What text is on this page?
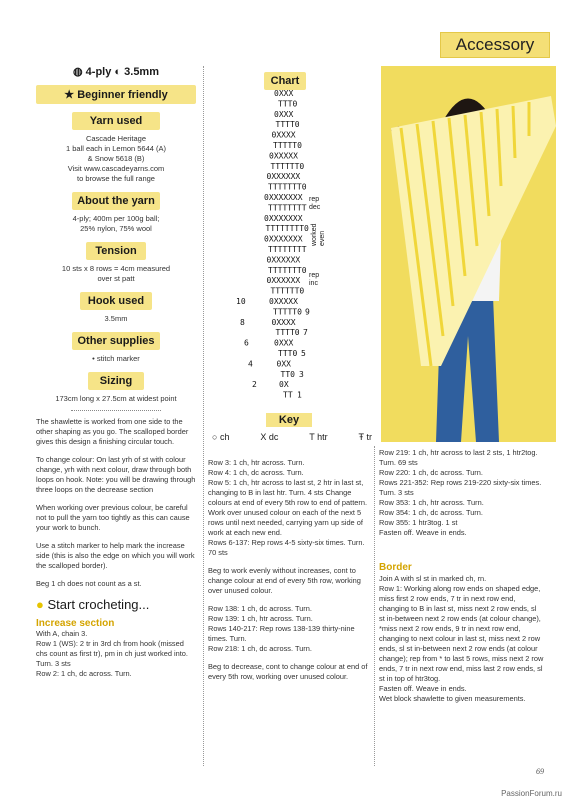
Accessory
◍ 4-ply ◐ 3.5mm
★ Beginner friendly
Yarn used
Cascade Heritage
1 ball each in Lemon 5644 (A)
& Snow 5618 (B)
Visit www.cascadeyarns.com
to browse the full range
About the yarn
4-ply; 400m per 100g ball;
25% nylon, 75% wool
Tension
10 sts x 8 rows = 4cm measured
over st patt
Hook used
3.5mm
Other supplies
• stitch marker
Sizing
173cm long x 27.5cm at widest point

The shawlette is worked from one side to the other shaping as you go. The scalloped border gives this design a finishing circular touch.

To change colour: On last yrh of st with colour change, yrh with next colour, draw through both loops on hook. Note: you will be drawing through three loops on the decrease section

When working over previous colour, be careful not to pull the yarn too tightly as this can cause your work to bunch.

Use a stitch marker to help mark the increase side (this is also the edge on which you will work the scalloped border).

Beg 1 ch does not count as a st.

● Start crocheting...
Increase section
With A, chain 3.
Row 1 (WS): 2 tr in 3rd ch from hook (missed chs count as first tr), pm in ch just worked into. Turn. 3 sts
Row 2: 1 ch, dc across. Turn.
Chart
0XXX
TTT0
0XXX
TTTT0
0XXXX
TTTTT0
0XXXXX
TTTTTT0
0XXXXXX
TTTTTTT0
0XXXXXXX
TTTTTTTT
0XXXXXXX
TTTTTTTT0
0XXXXXXX
TTTTTTTT
0XXXXXX
TTTTTTT0
0XXXXXX
TTTTTT0
0XXXXX
TTTTT0
0XXXX
TTTT0
0XXX
TTT0
0XX
TT0
0X
TT
10
9
8
7
6
5
4
3
2
1
rep
dec
worked
even
rep
inc
Key
○ ch	X dc	T htr	Ŧ tr

Row 3: 1 ch, htr across. Turn.

Row 4: 1 ch, dc across. Turn.

Row 5: 1 ch, htr across to last st, 2 htr in last st, changing to B in last htr. Turn. 4 sts Change colours at end of every 5th row to end of pattern. Work over unused colour on each of the next 5 rows until next needed, carrying yarn up side of work at each new end.

Rows 6-137: Rep rows 4-5 sixty-six times. Turn. 70 sts

Beg to work evenly without increases, cont to change colour at end of every 5th row, working over unused colour.

Row 138: 1 ch, dc across. Turn.
Row 139: 1 ch, htr across. Turn.
Rows 140-217: Rep rows 138-139 thirty-nine times. Turn.
Row 218: 1 ch, dc across. Turn.

Beg to decrease, cont to change colour at end of every 5th row, working over unused colour.

Row 219: 1 ch, htr across to last 2 sts, 1 htr2tog. Turn. 69 sts
Row 220: 1 ch, dc across. Turn.
Rows 221-352: Rep rows 219-220 sixty-six times. Turn. 3 sts
Row 353: 1 ch, htr across. Turn.
Row 354: 1 ch, dc across. Turn.
Row 355: 1 htr3tog. 1 st
Fasten off. Weave in ends.
Border
Join A with sl st in marked ch, rn.
Row 1: Working along row ends on shaped edge, miss first 2 row ends, 7 tr in next row end, changing to B in last st, miss next 2 row ends, sl st in-between next 2 row ends (at colour change), *miss next 2 row ends, 9 tr in next row end, changing to next colour in last st, miss next 2 row ends, sl st in-between next 2 row ends (at colour change); rep from * to last 5 rows, miss next 2 row ends, 7 tr in next row end, miss last 2 row ends, sl st in top of htr3tog.
Fasten off. Weave in ends.
Wet block shawlette to given measurements.
69
PassionForum.ru
